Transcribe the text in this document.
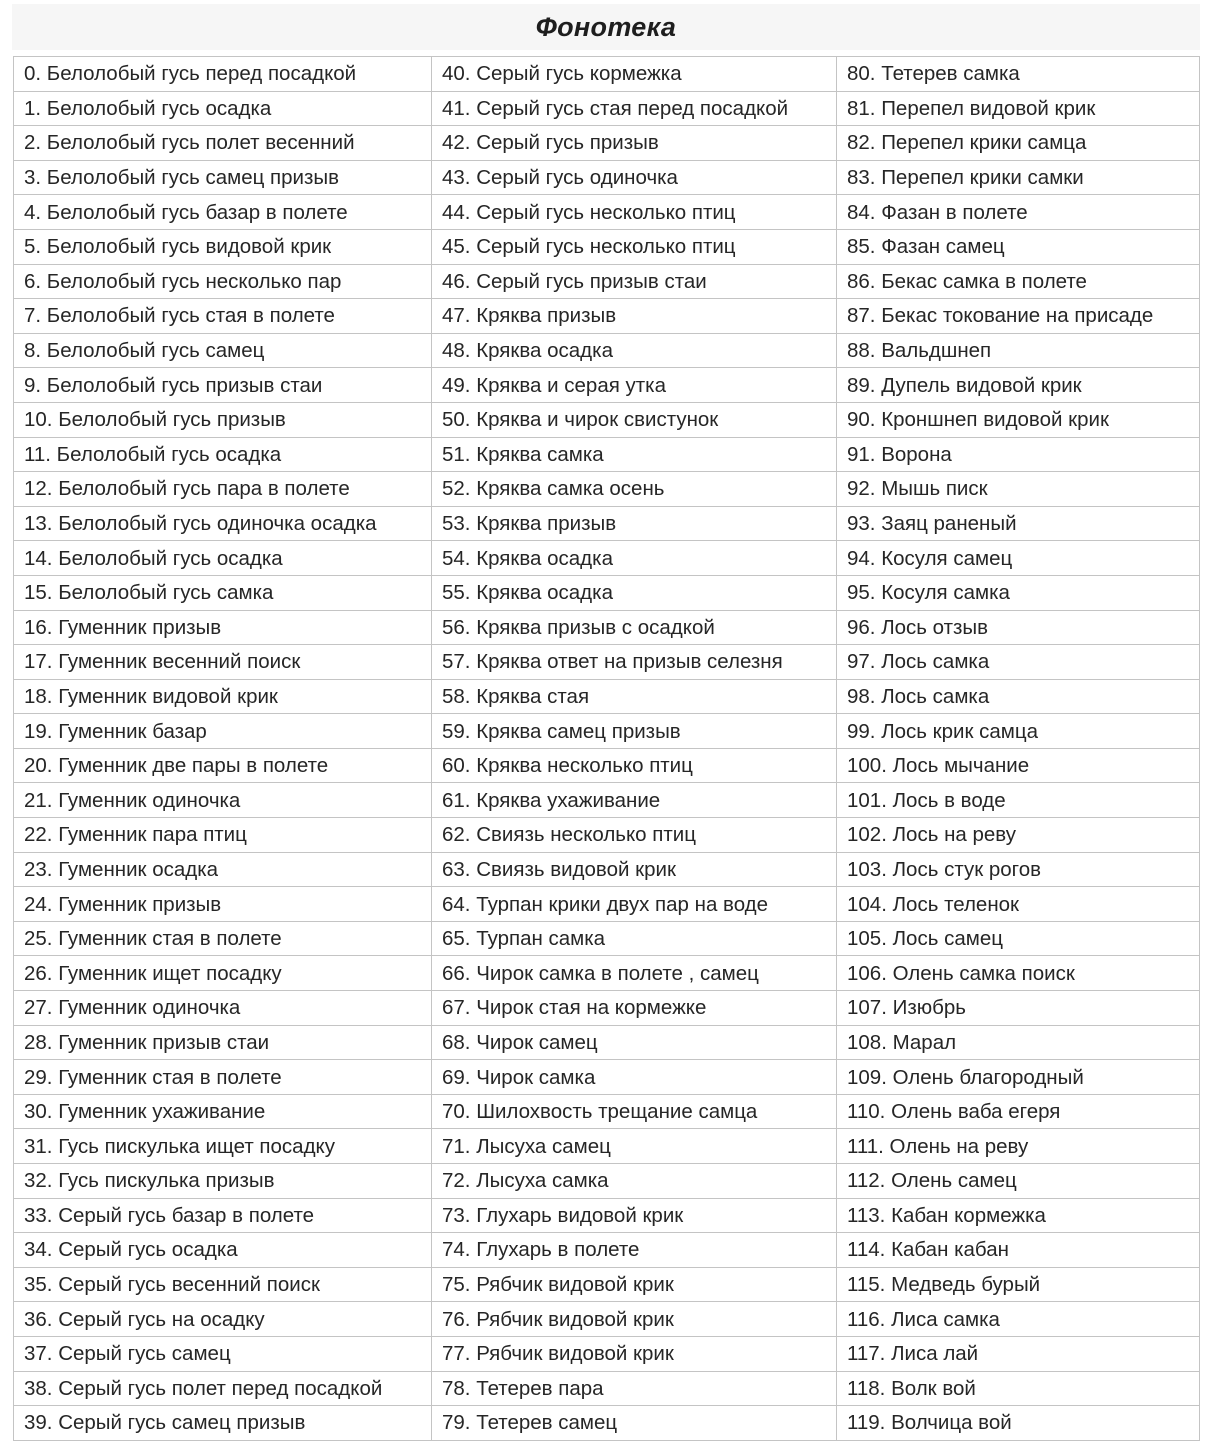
Фонотека
0. Белолобый гусь перед посадкой	40. Серый гусь кормежка	80. Тетерев самка
1. Белолобый гусь осадка	41. Серый гусь стая перед посадкой	81. Перепел видовой крик
2. Белолобый гусь полет весенний	42. Серый гусь призыв	82. Перепел крики самца
3. Белолобый гусь самец призыв	43. Серый гусь одиночка	83. Перепел крики самки
4. Белолобый гусь базар в полете	44. Серый гусь несколько птиц	84. Фазан в полете
5. Белолобый гусь видовой крик	45. Серый гусь несколько птиц	85. Фазан самец
6. Белолобый гусь несколько пар	46. Серый гусь призыв стаи	86. Бекас самка в полете
7. Белолобый гусь стая в полете	47. Кряква призыв	87. Бекас токование на присаде
8. Белолобый гусь самец	48. Кряква осадка	88. Вальдшнеп
9. Белолобый гусь призыв стаи	49. Кряква и серая утка	89. Дупель видовой крик
10. Белолобый гусь призыв	50. Кряква и чирок свистунок	90. Кроншнеп видовой крик
11. Белолобый гусь осадка	51. Кряква самка	91. Ворона
12. Белолобый гусь пара в полете	52. Кряква самка осень	92. Мышь писк
13. Белолобый гусь одиночка осадка	53. Кряква призыв	93. Заяц раненый
14. Белолобый гусь осадка	54. Кряква осадка	94. Косуля самец
15. Белолобый гусь самка	55. Кряква осадка	95. Косуля самка
16. Гуменник призыв	56. Кряква призыв с осадкой	96. Лось отзыв
17. Гуменник весенний поиск	57. Кряква ответ на призыв селезня	97. Лось самка
18. Гуменник видовой крик	58. Кряква стая	98. Лось самка
19. Гуменник базар	59. Кряква самец призыв	99. Лось крик самца
20. Гуменник две пары в полете	60. Кряква несколько птиц	100. Лось мычание
21. Гуменник одиночка	61. Кряква ухаживание	101. Лось в воде
22. Гуменник пара птиц	62. Свиязь несколько птиц	102. Лось на реву
23. Гуменник осадка	63. Свиязь видовой крик	103. Лось стук рогов
24. Гуменник призыв	64. Турпан крики двух пар на воде	104. Лось теленок
25. Гуменник стая в полете	65. Турпан самка	105. Лось самец
26. Гуменник ищет посадку	66. Чирок самка в полете , самец	106. Олень самка поиск
27. Гуменник одиночка	67. Чирок стая на кормежке	107. Изюбрь
28. Гуменник призыв стаи	68. Чирок самец	108. Марал
29. Гуменник стая в полете	69. Чирок самка	109. Олень благородный
30. Гуменник ухаживание	70. Шилохвость трещание самца	110. Олень ваба егеря
31. Гусь пискулька ищет посадку	71. Лысуха самец	111. Олень на реву
32. Гусь пискулька призыв	72. Лысуха самка	112. Олень самец
33. Серый гусь базар в полете	73. Глухарь видовой крик	113. Кабан кормежка
34. Серый гусь осадка	74. Глухарь в полете	114. Кабан кабан
35. Серый гусь весенний поиск	75. Рябчик видовой крик	115. Медведь бурый
36. Серый гусь на осадку	76. Рябчик видовой крик	116. Лиса самка
37. Серый гусь самец	77. Рябчик видовой крик	117. Лиса лай
38. Серый гусь полет перед посадкой	78. Тетерев пара	118. Волк вой
39. Серый гусь самец призыв	79. Тетерев самец	119. Волчица вой
